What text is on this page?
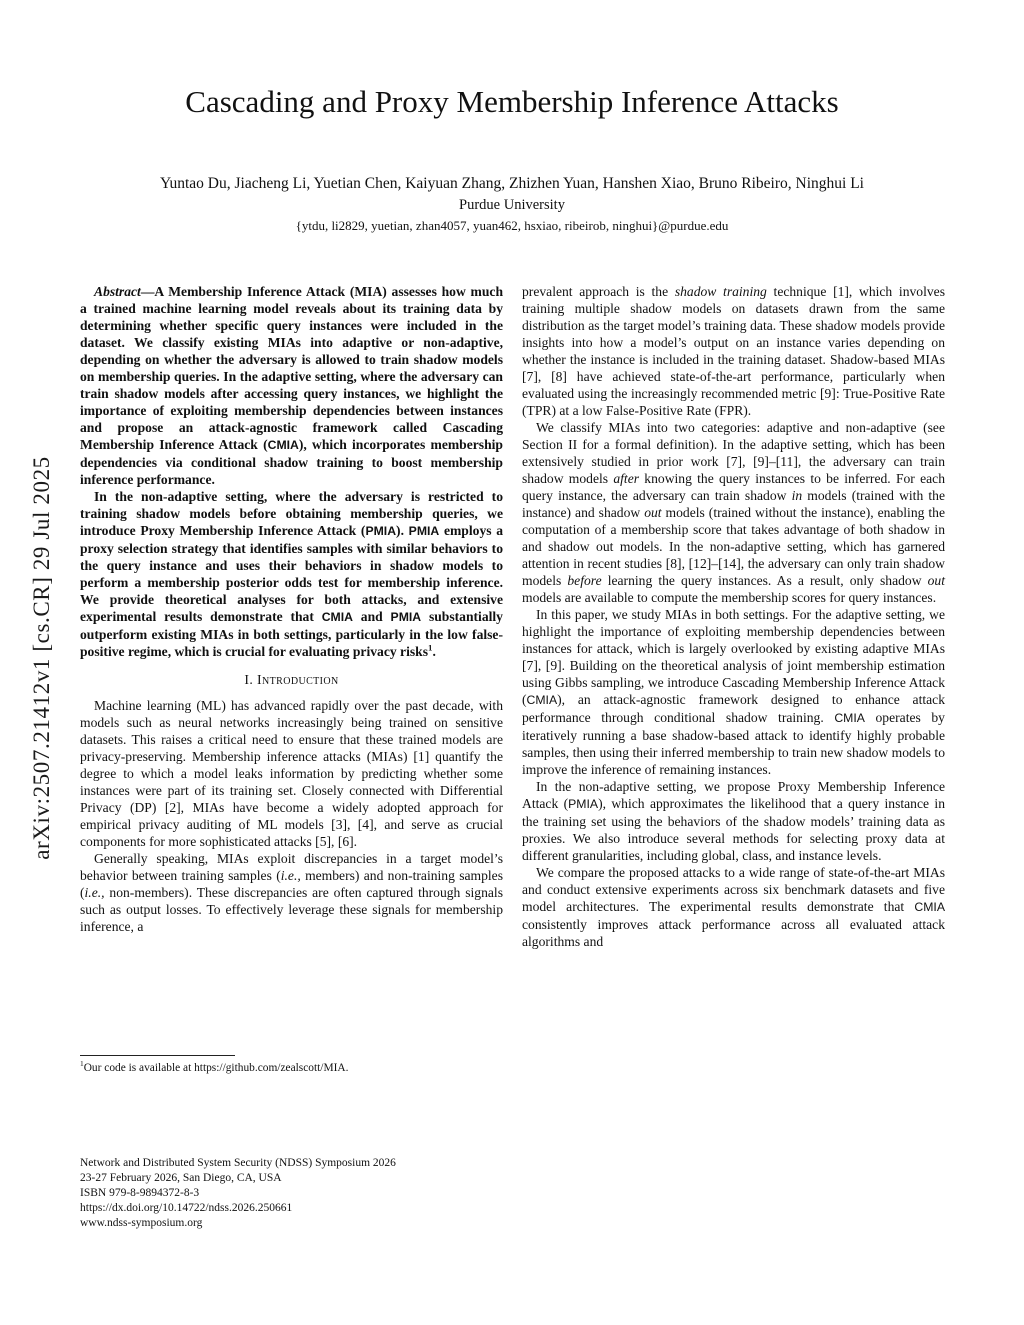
arXiv:2507.21412v1 [cs.CR] 29 Jul 2025
Cascading and Proxy Membership Inference Attacks
Yuntao Du, Jiacheng Li, Yuetian Chen, Kaiyuan Zhang, Zhizhen Yuan, Hanshen Xiao, Bruno Ribeiro, Ninghui Li
Purdue University
{ytdu, li2829, yuetian, zhan4057, yuan462, hsxiao, ribeirob, ninghui}@purdue.edu

Abstract—A Membership Inference Attack (MIA) assesses how much a trained machine learning model reveals about its training data by determining whether specific query instances were included in the dataset. We classify existing MIAs into adaptive or non-adaptive, depending on whether the adversary is allowed to train shadow models on membership queries. In the adaptive setting, where the adversary can train shadow models after accessing query instances, we highlight the importance of exploiting membership dependencies between instances and propose an attack-agnostic framework called Cascading Membership Inference Attack (CMIA), which incorporates membership dependencies via conditional shadow training to boost membership inference performance.

In the non-adaptive setting, where the adversary is restricted to training shadow models before obtaining membership queries, we introduce Proxy Membership Inference Attack (PMIA). PMIA employs a proxy selection strategy that identifies samples with similar behaviors to the query instance and uses their behaviors in shadow models to perform a membership posterior odds test for membership inference. We provide theoretical analyses for both attacks, and extensive experimental results demonstrate that CMIA and PMIA substantially outperform existing MIAs in both settings, particularly in the low false-positive regime, which is crucial for evaluating privacy risks$^1$.

I. Introduction

Machine learning (ML) has advanced rapidly over the past decade, with models such as neural networks increasingly being trained on sensitive datasets. This raises a critical need to ensure that these trained models are privacy-preserving. Membership inference attacks (MIAs) [1] quantify the degree to which a model leaks information by predicting whether some instances were part of its training set. Closely connected with Differential Privacy (DP) [2], MIAs have become a widely adopted approach for empirical privacy auditing of ML models [3], [4], and serve as crucial components for more sophisticated attacks [5], [6].

Generally speaking, MIAs exploit discrepancies in a target model’s behavior between training samples (i.e., members) and non-training samples (i.e., non-members). These discrepancies are often captured through signals such as output losses. To effectively leverage these signals for membership inference, a

$^1$Our code is available at https://github.com/zealscott/MIA.

prevalent approach is the shadow training technique [1], which involves training multiple shadow models on datasets drawn from the same distribution as the target model’s training data. These shadow models provide insights into how a model’s output on an instance varies depending on whether the instance is included in the training dataset. Shadow-based MIAs [7], [8] have achieved state-of-the-art performance, particularly when evaluated using the increasingly recommended metric [9]: True-Positive Rate (TPR) at a low False-Positive Rate (FPR).

We classify MIAs into two categories: adaptive and non-adaptive (see Section II for a formal definition). In the adaptive setting, which has been extensively studied in prior work [7], [9]–[11], the adversary can train shadow models after knowing the query instances to be inferred. For each query instance, the adversary can train shadow in models (trained with the instance) and shadow out models (trained without the instance), enabling the computation of a membership score that takes advantage of both shadow in and shadow out models. In the non-adaptive setting, which has garnered attention in recent studies [8], [12]–[14], the adversary can only train shadow models before learning the query instances. As a result, only shadow out models are available to compute the membership scores for query instances.

In this paper, we study MIAs in both settings. For the adaptive setting, we highlight the importance of exploiting membership dependencies between instances for attack, which is largely overlooked by existing adaptive MIAs [7], [9]. Building on the theoretical analysis of joint membership estimation using Gibbs sampling, we introduce Cascading Membership Inference Attack (CMIA), an attack-agnostic framework designed to enhance attack performance through conditional shadow training. CMIA operates by iteratively running a base shadow-based attack to identify highly probable samples, then using their inferred membership to train new shadow models to improve the inference of remaining instances.

In the non-adaptive setting, we propose Proxy Membership Inference Attack (PMIA), which approximates the likelihood that a query instance in the training set using the behaviors of the shadow models’ training data as proxies. We also introduce several methods for selecting proxy data at different granularities, including global, class, and instance levels.

We compare the proposed attacks to a wide range of state-of-the-art MIAs and conduct extensive experiments across six benchmark datasets and five model architectures. The experimental results demonstrate that CMIA consistently improves attack performance across all evaluated attack algorithms and

Network and Distributed System Security (NDSS) Symposium 2026
23-27 February 2026, San Diego, CA, USA
ISBN 979-8-9894372-8-3
https://dx.doi.org/10.14722/ndss.2026.250661
www.ndss-symposium.org
